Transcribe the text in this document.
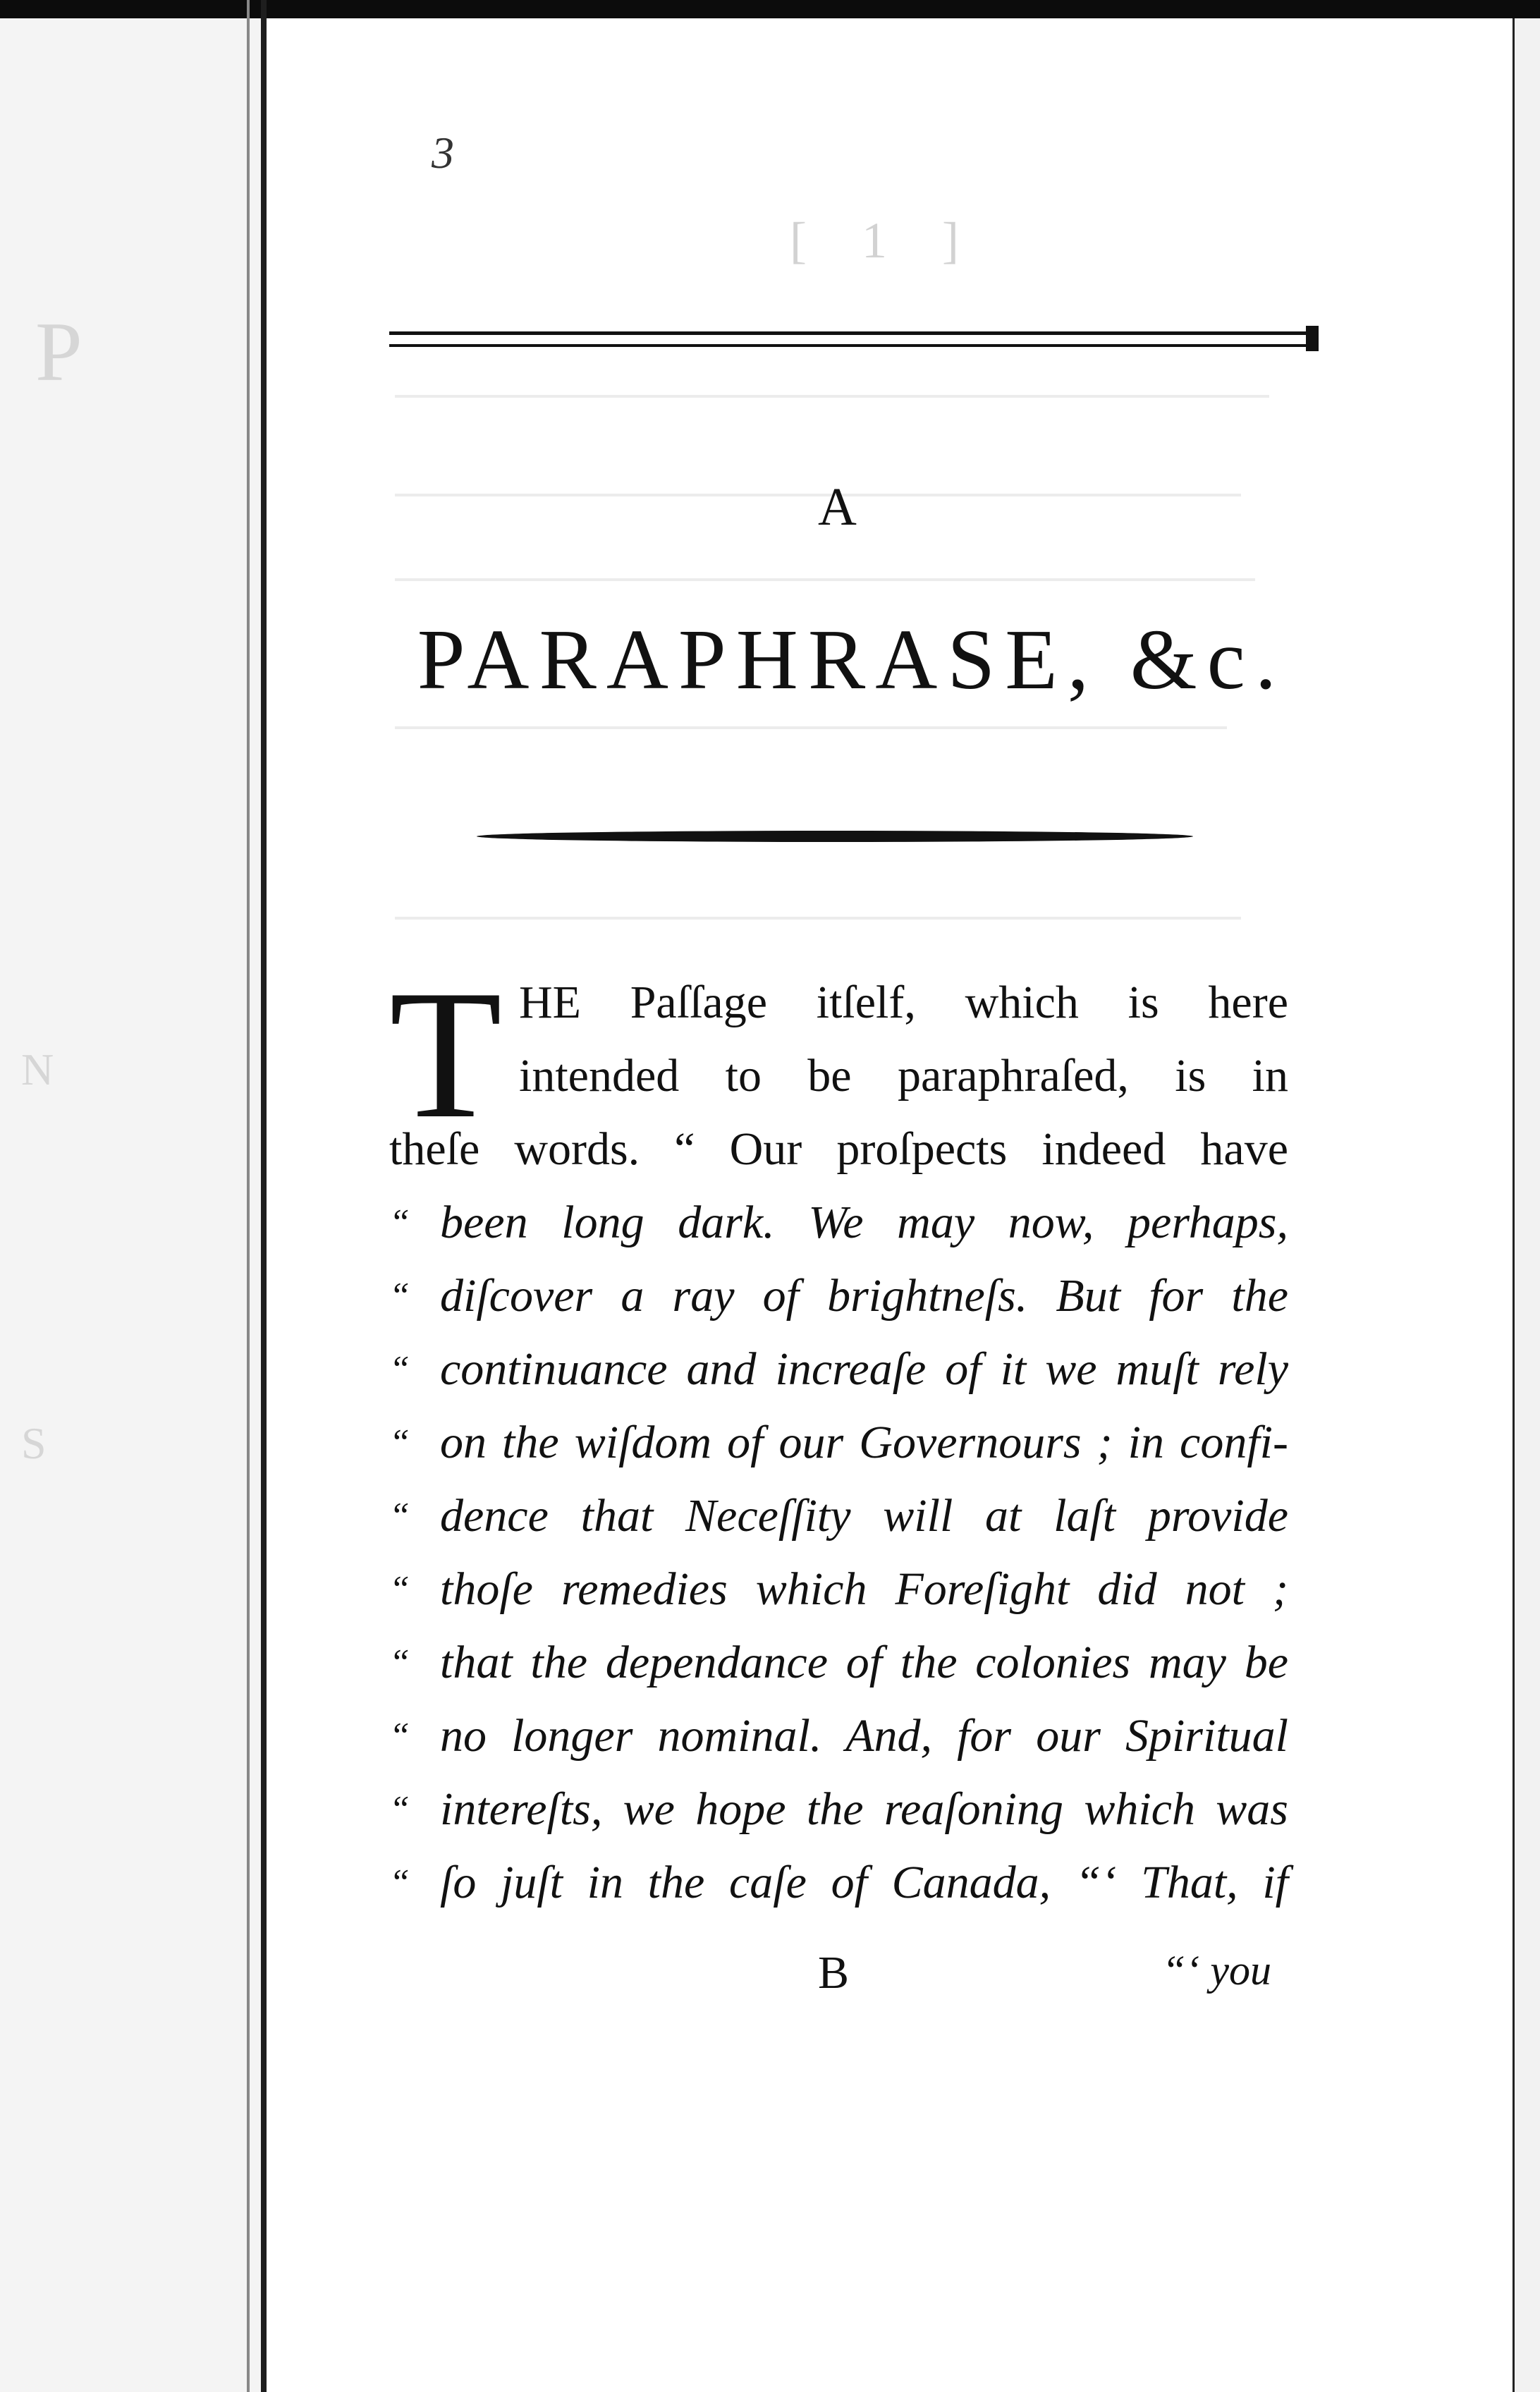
P
N
S
3
[ 1 ]
A
PARAPHRASE, &c.
T HE Paſſage itſelf, which is here
intended to be paraphraſed, is in
theſe words. “ Our proſpects indeed have
“ been long dark. We may now, perhaps,
“ diſcover a ray of brightneſs. But for the
“ continuance and increaſe of it we muſt rely
“ on the wiſdom of our Governours ; in confi-
“ dence that Neceſſity will at laſt provide
“ thoſe remedies which Foreſight did not ;
“ that the dependance of the colonies may be
“ no longer nominal. And, for our Spiritual
“ intereſts, we hope the reaſoning which was
“ ſo juſt in the caſe of Canada, “‘ That, if
B	“‘ you
